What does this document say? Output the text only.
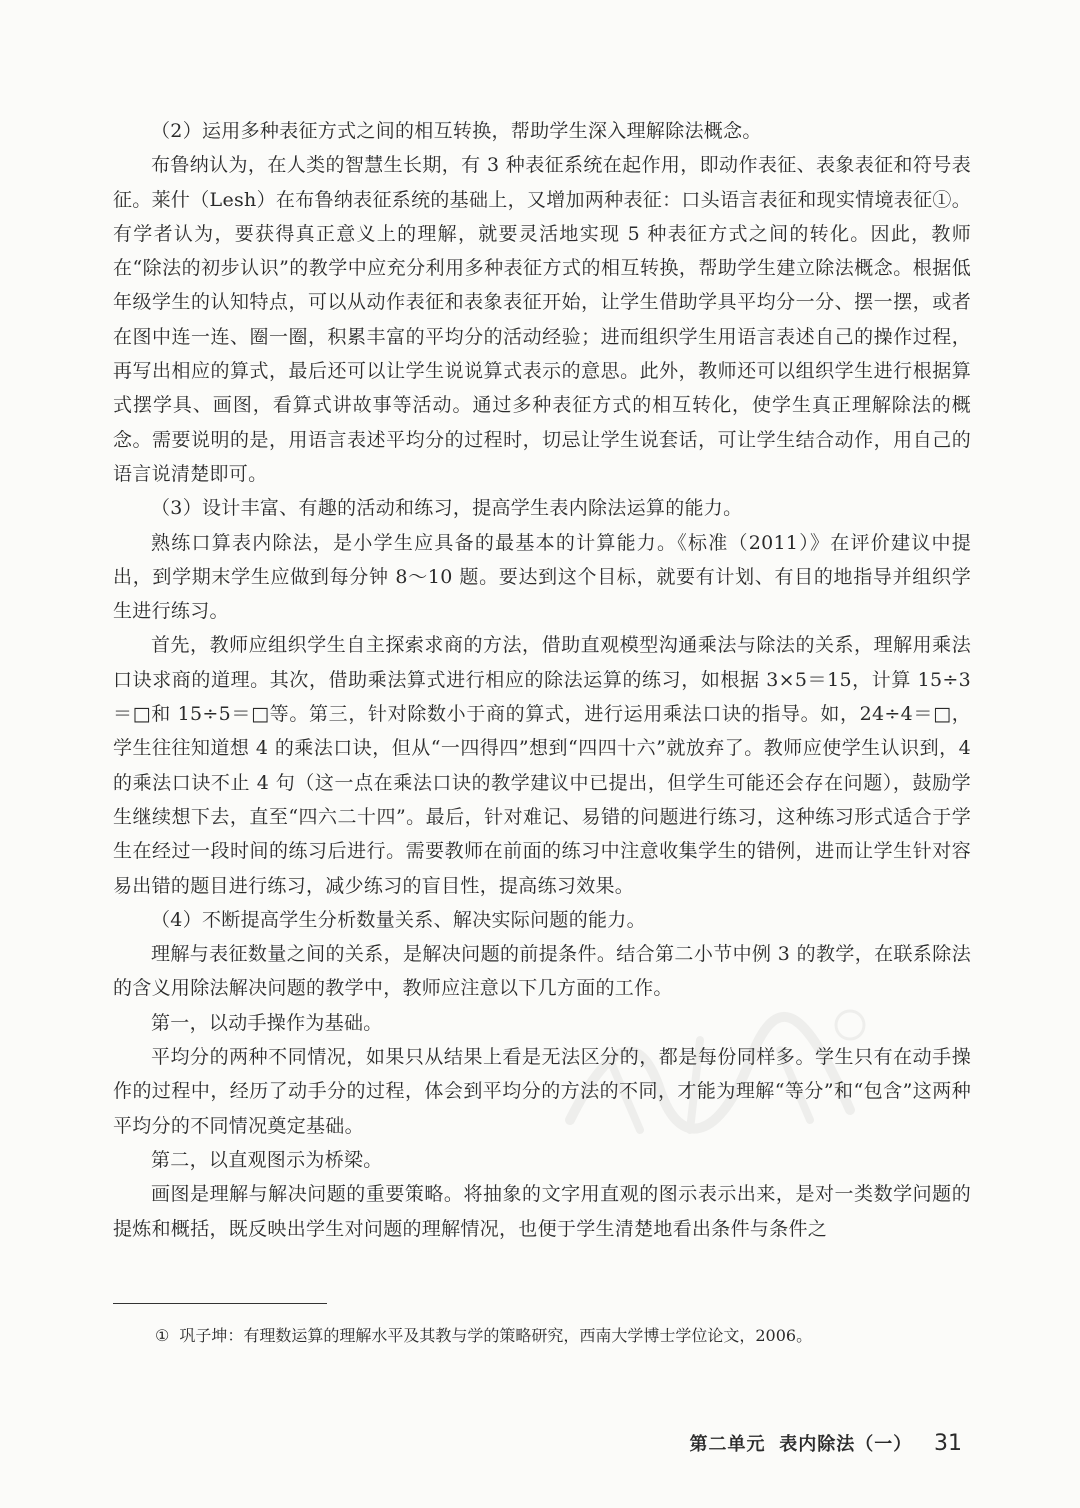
（2）运用多种表征方式之间的相互转换，帮助学生深入理解除法概念。

布鲁纳认为，在人类的智慧生长期，有 3 种表征系统在起作用，即动作表征、表象表征和符号表征。莱什（Lesh）在布鲁纳表征系统的基础上，又增加两种表征：口头语言表征和现实情境表征①。有学者认为，要获得真正意义上的理解，就要灵活地实现 5 种表征方式之间的转化。因此，教师在“除法的初步认识”的教学中应充分利用多种表征方式的相互转换，帮助学生建立除法概念。根据低年级学生的认知特点，可以从动作表征和表象表征开始，让学生借助学具平均分一分、摆一摆，或者在图中连一连、圈一圈，积累丰富的平均分的活动经验；进而组织学生用语言表述自己的操作过程，再写出相应的算式，最后还可以让学生说说算式表示的意思。此外，教师还可以组织学生进行根据算式摆学具、画图，看算式讲故事等活动。通过多种表征方式的相互转化，使学生真正理解除法的概念。需要说明的是，用语言表述平均分的过程时，切忌让学生说套话，可让学生结合动作，用自己的语言说清楚即可。

（3）设计丰富、有趣的活动和练习，提高学生表内除法运算的能力。

熟练口算表内除法，是小学生应具备的最基本的计算能力。《标准（2011）》在评价建议中提出，到学期末学生应做到每分钟 8～10 题。要达到这个目标，就要有计划、有目的地指导并组织学生进行练习。

首先，教师应组织学生自主探索求商的方法，借助直观模型沟通乘法与除法的关系，理解用乘法口诀求商的道理。其次，借助乘法算式进行相应的除法运算的练习，如根据 3×5＝15，计算 15÷3＝□和 15÷5＝□等。第三，针对除数小于商的算式，进行运用乘法口诀的指导。如，24÷4＝□，学生往往知道想 4 的乘法口诀，但从“一四得四”想到“四四十六”就放弃了。教师应使学生认识到，4 的乘法口诀不止 4 句（这一点在乘法口诀的教学建议中已提出，但学生可能还会存在问题），鼓励学生继续想下去，直至“四六二十四”。最后，针对难记、易错的问题进行练习，这种练习形式适合于学生在经过一段时间的练习后进行。需要教师在前面的练习中注意收集学生的错例，进而让学生针对容易出错的题目进行练习，减少练习的盲目性，提高练习效果。

（4）不断提高学生分析数量关系、解决实际问题的能力。

理解与表征数量之间的关系，是解决问题的前提条件。结合第二小节中例 3 的教学，在联系除法的含义用除法解决问题的教学中，教师应注意以下几方面的工作。

第一，以动手操作为基础。

平均分的两种不同情况，如果只从结果上看是无法区分的，都是每份同样多。学生只有在动手操作的过程中，经历了动手分的过程，体会到平均分的方法的不同，才能为理解“等分”和“包含”这两种平均分的不同情况奠定基础。

第二，以直观图示为桥梁。

画图是理解与解决问题的重要策略。将抽象的文字用直观的图示表示出来，是对一类数学问题的提炼和概括，既反映出学生对问题的理解情况，也便于学生清楚地看出条件与条件之

① 巩子坤：有理数运算的理解水平及其教与学的策略研究，西南大学博士学位论文，2006。
第二单元 表内除法（一） 31
